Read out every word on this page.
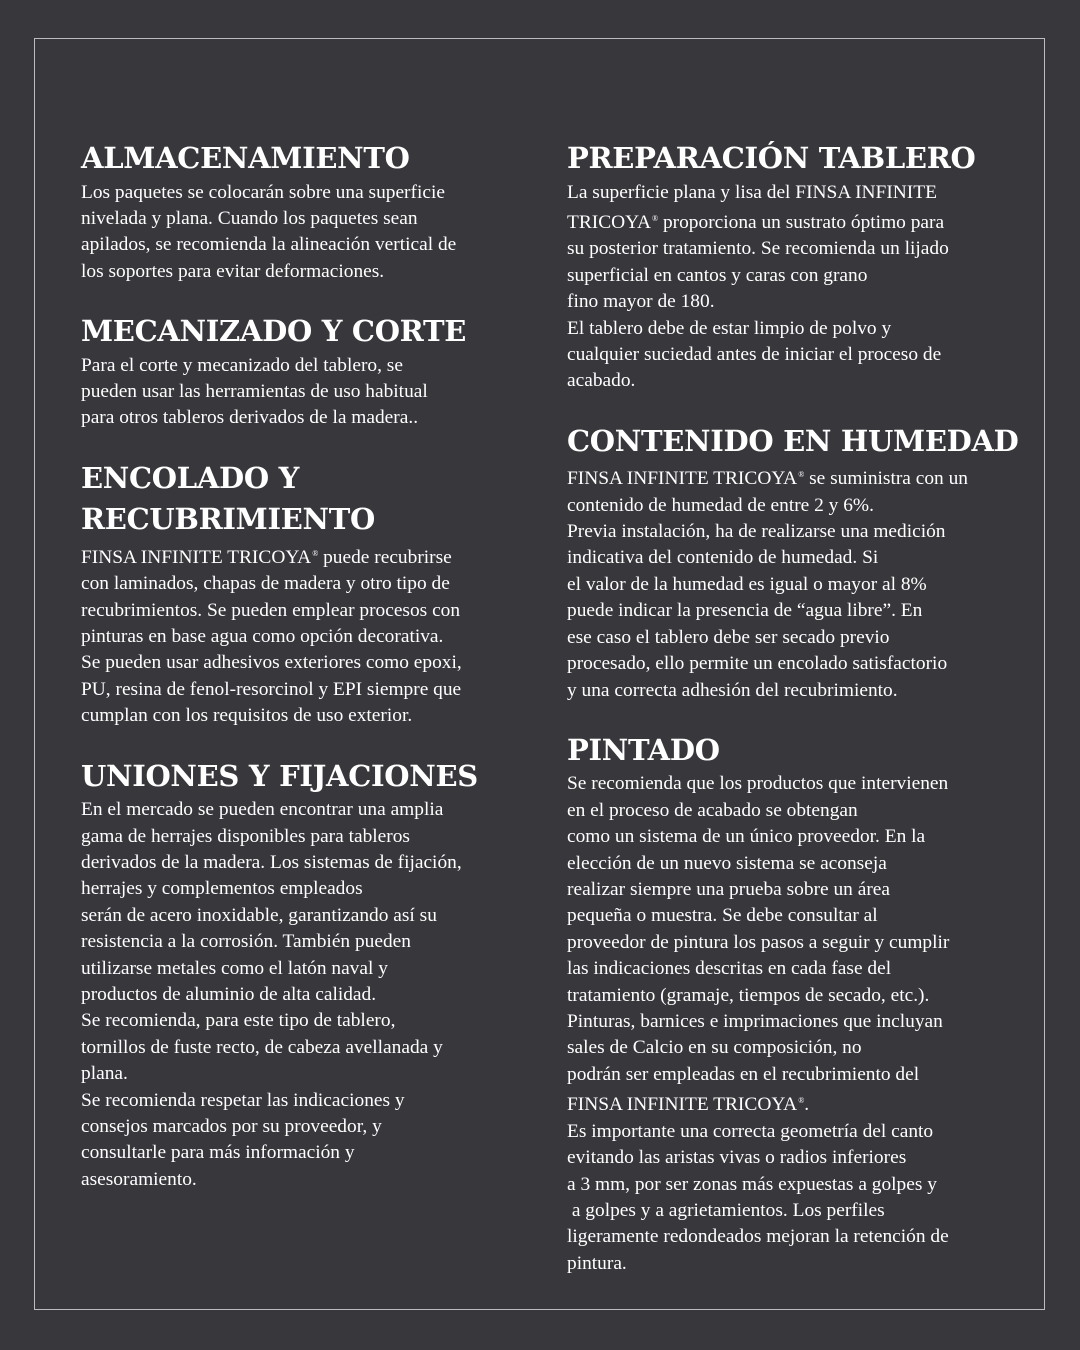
ALMACENAMIENTO
Los paquetes se colocarán sobre una superficie
nivelada y plana. Cuando los paquetes sean
apilados, se recomienda la alineación vertical de
los soportes para evitar deformaciones.
MECANIZADO Y CORTE
Para el corte y mecanizado del tablero, se
pueden usar las herramientas de uso habitual
para otros tableros derivados de la madera..
ENCOLADO Y
RECUBRIMIENTO
FINSA INFINITE TRICOYA® puede recubrirse
con laminados, chapas de madera y otro tipo de
recubrimientos. Se pueden emplear procesos con
pinturas en base agua como opción decorativa.
Se pueden usar adhesivos exteriores como epoxi,
PU, resina de fenol-resorcinol y EPI siempre que
cumplan con los requisitos de uso exterior.
UNIONES Y FIJACIONES
En el mercado se pueden encontrar una amplia
gama de herrajes disponibles para tableros
derivados de la madera. Los sistemas de fijación,
herrajes y complementos empleados
serán de acero inoxidable, garantizando así su
resistencia a la corrosión. También pueden
utilizarse metales como el latón naval y
productos de aluminio de alta calidad.
Se recomienda, para este tipo de tablero,
tornillos de fuste recto, de cabeza avellanada y
plana.
Se recomienda respetar las indicaciones y
consejos marcados por su proveedor, y
consultarle para más información y
asesoramiento.
PREPARACIÓN TABLERO
La superficie plana y lisa del FINSA INFINITE
TRICOYA® proporciona un sustrato óptimo para
su posterior tratamiento. Se recomienda un lijado
superficial en cantos y caras con grano
fino mayor de 180.
El tablero debe de estar limpio de polvo y
cualquier suciedad antes de iniciar el proceso de
acabado.
CONTENIDO EN HUMEDAD
FINSA INFINITE TRICOYA® se suministra con un
contenido de humedad de entre 2 y 6%.
Previa instalación, ha de realizarse una medición
indicativa del contenido de humedad. Si
el valor de la humedad es igual o mayor al 8%
puede indicar la presencia de “agua libre”. En
ese caso el tablero debe ser secado previo
procesado, ello permite un encolado satisfactorio
y una correcta adhesión del recubrimiento.
PINTADO
Se recomienda que los productos que intervienen
en el proceso de acabado se obtengan
como un sistema de un único proveedor. En la
elección de un nuevo sistema se aconseja
realizar siempre una prueba sobre un área
pequeña o muestra. Se debe consultar al
proveedor de pintura los pasos a seguir y cumplir
las indicaciones descritas en cada fase del
tratamiento (gramaje, tiempos de secado, etc.).
Pinturas, barnices e imprimaciones que incluyan
sales de Calcio en su composición, no
podrán ser empleadas en el recubrimiento del
FINSA INFINITE TRICOYA®.
Es importante una correcta geometría del canto
evitando las aristas vivas o radios inferiores
a 3 mm, por ser zonas más expuestas a golpes y
a golpes y a agrietamientos. Los perfiles
ligeramente redondeados mejoran la retención de
pintura.
